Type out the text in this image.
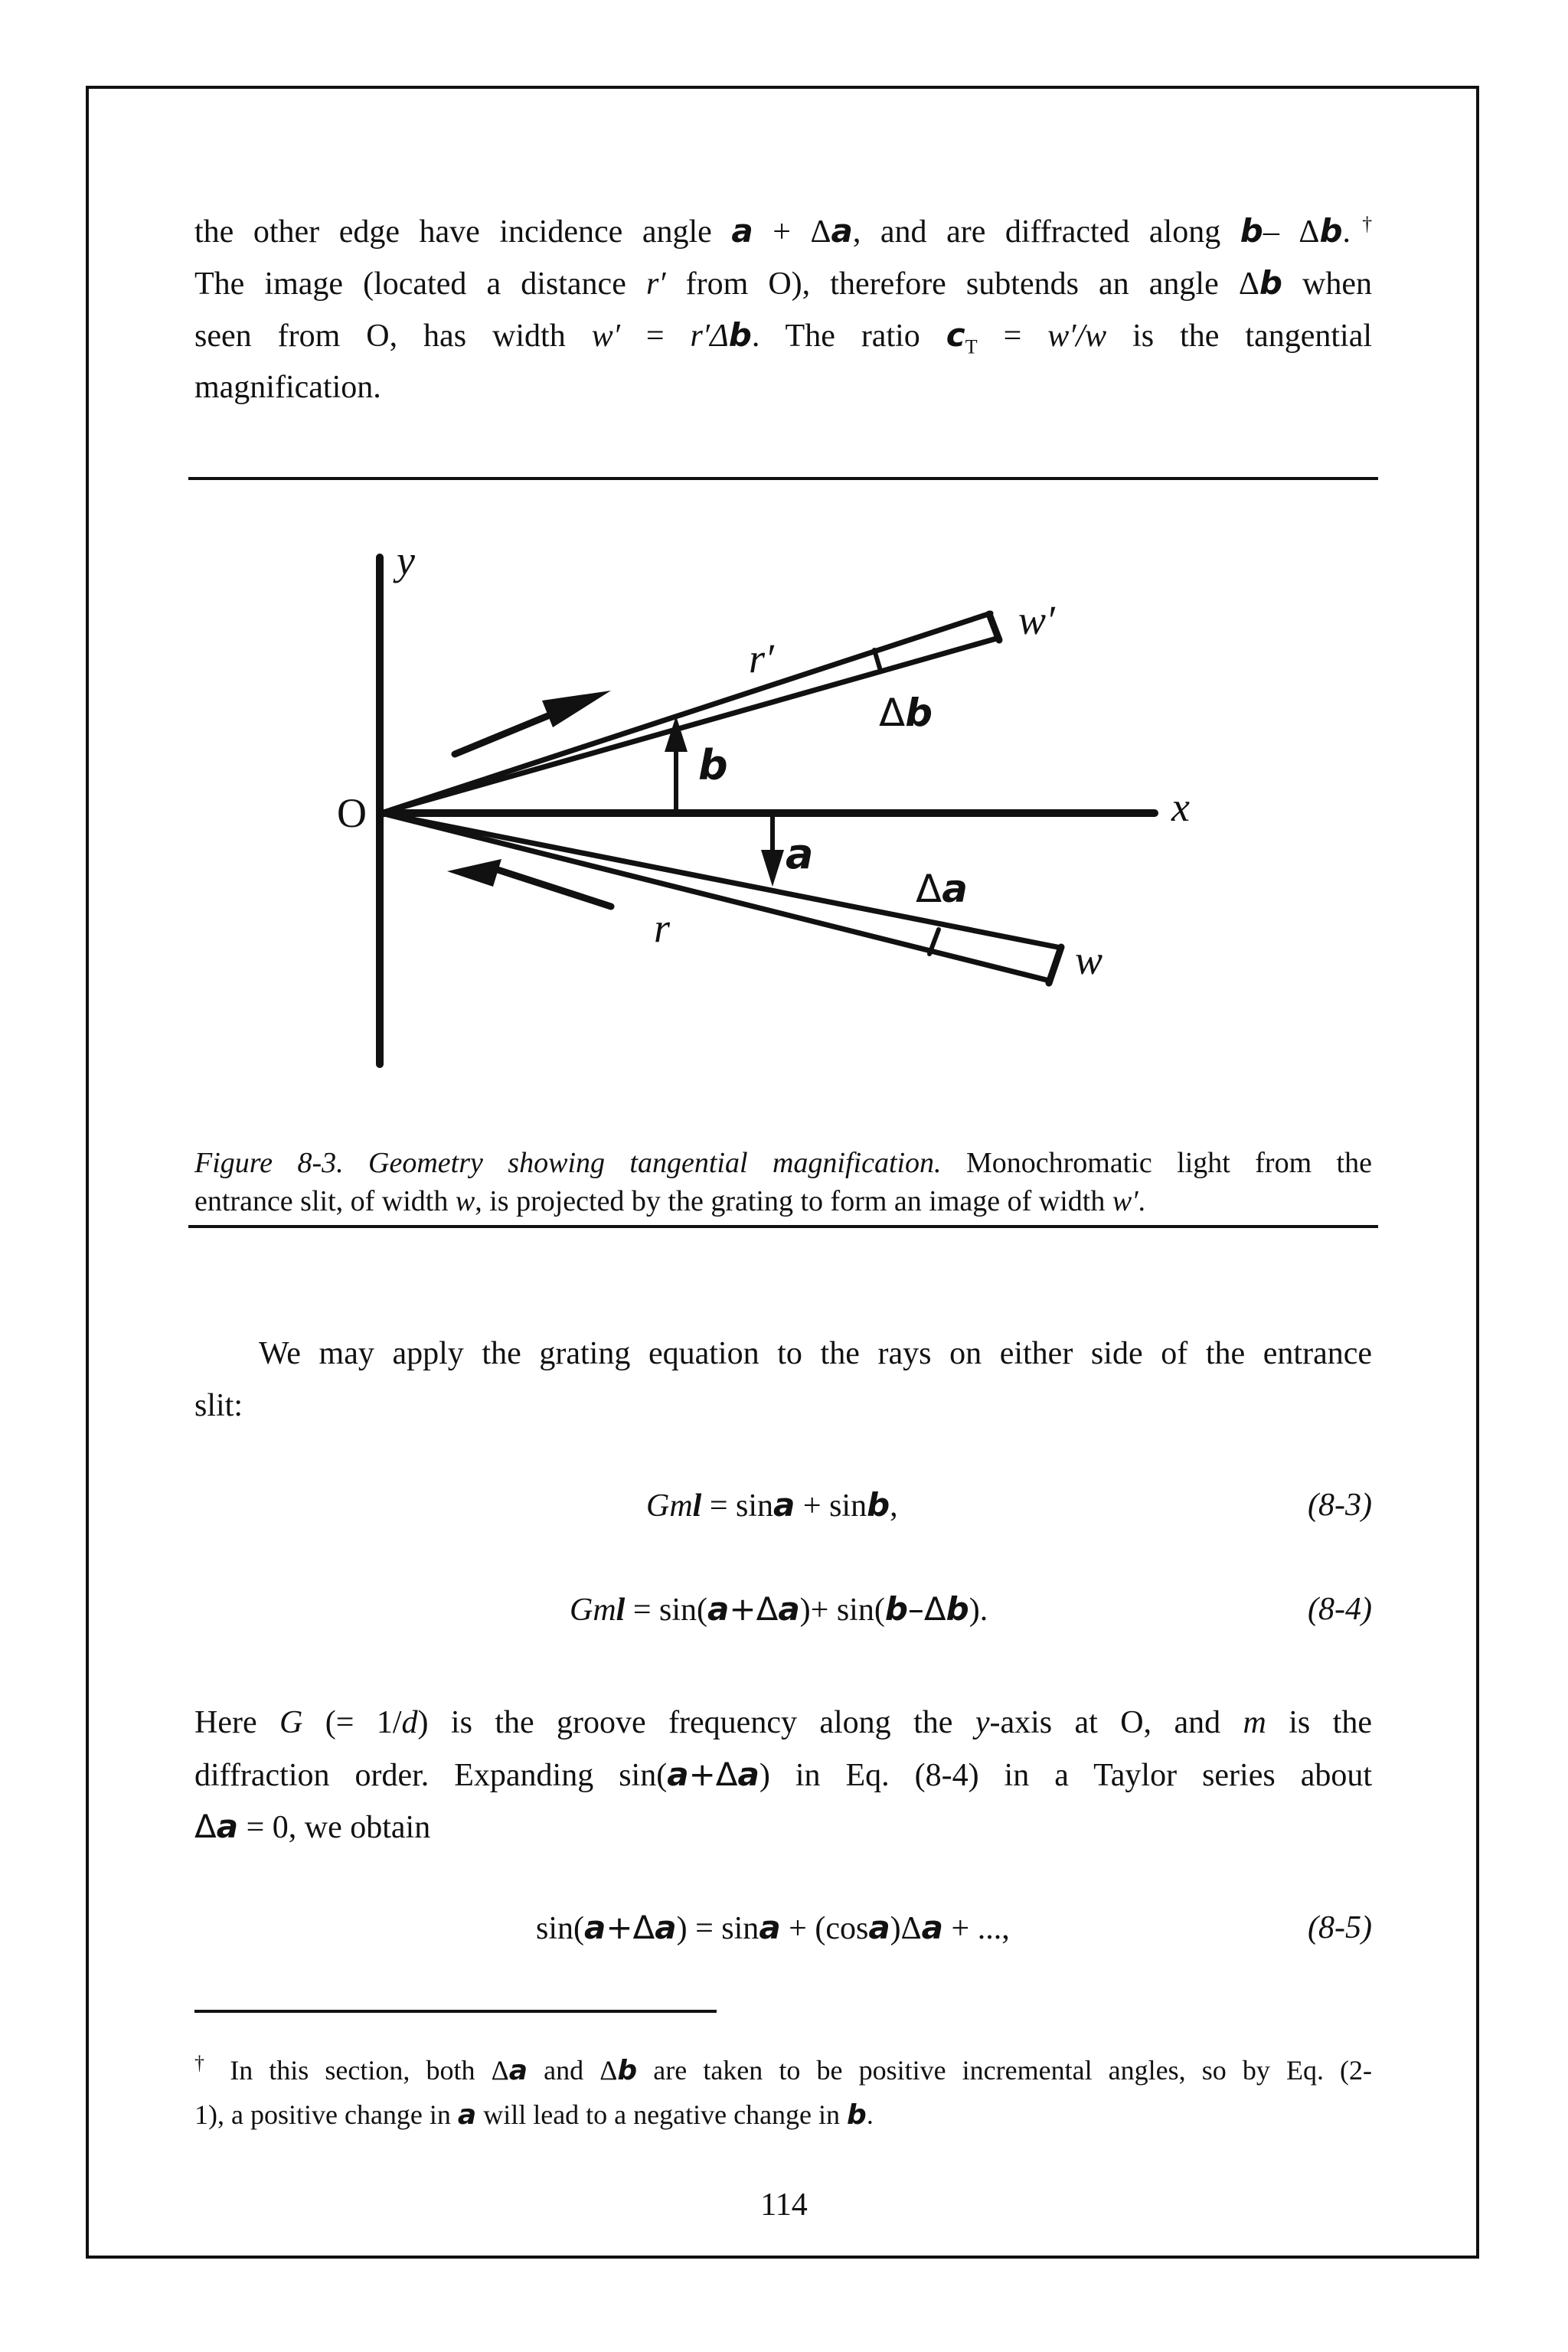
the other edge have incidence angle a + Δa, and are diffracted along b– Δb.†
The image (located a distance r′ from O), therefore subtends an angle Δb when
seen from O, has width w′ = r′Δb. The ratio $c_T = w'/w$ is the tangential
magnification.
y
O	x
r′
w′
Δb
b
a
Δa
r
w
Figure 8-3. Geometry showing tangential magnification. Monochromatic light from the
entrance slit, of width w, is projected by the grating to form an image of width w′.
We may apply the grating equation to the rays on either side of the entrance
slit:
Gml = sina + sinb,	(8-3)
Gml = sin(a+Δa)+ sin(b–Δb).	(8-4)
Here G (= 1/d) is the groove frequency along the y-axis at O, and m is the
diffraction order. Expanding sin(a+Δa) in Eq. (8-4) in a Taylor series about
Δa = 0, we obtain
sin(a+Δa) = sina + (cosa)Δa + ...,	(8-5)
† In this section, both Δa and Δb are taken to be positive incremental angles, so by Eq. (2-
1), a positive change in a will lead to a negative change in b.
114
